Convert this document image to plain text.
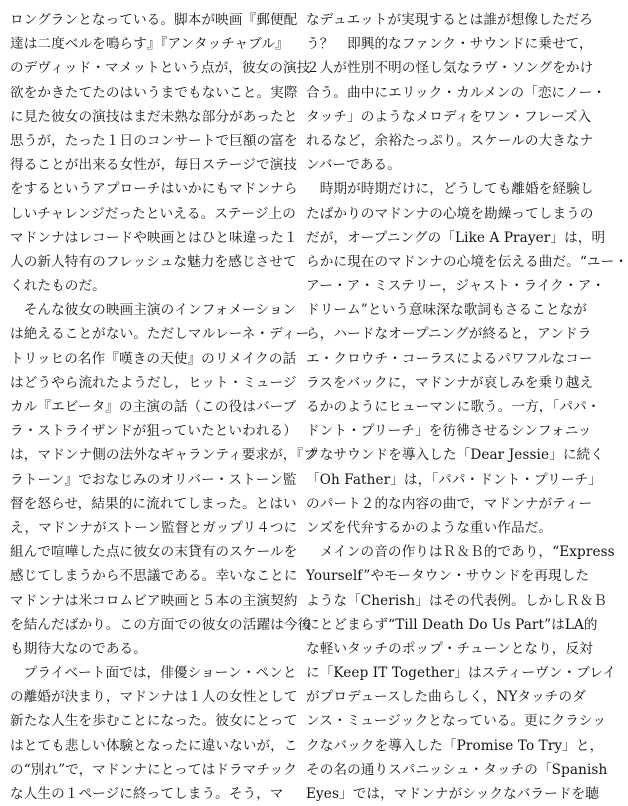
ロングランとなっている。脚本が映画『郵便配
達は二度ベルを鳴らす』『アンタッチャブル』
のデヴィッド・マメットという点が，彼女の演技
欲をかきたてたのはいうまでもないこと。実際
に見た彼女の演技はまだ未熟な部分があったと
思うが，たった１日のコンサートで巨額の富を
得ることが出来る女性が，毎日ステージで演技
をするというアプローチはいかにもマドンナら
しいチャレンジだったといえる。ステージ上の
マドンナはレコードや映画とはひと味違った１
人の新人特有のフレッシュな魅力を感じさせて
くれたものだ。
　そんな彼女の映画主演のインフォメーション
は絶えることがない。ただしマルレーネ・ディー
トリッヒの名作『嘆きの天使』のリメイクの話
はどうやら流れたようだし，ヒット・ミュージ
カル『エビータ』の主演の話（この役はバーブ
ラ・ストライザンドが狙っていたといわれる）
は，マドンナ側の法外なギャランティ要求が，『プ
ラトーン』でおなじみのオリバー・ストーン監
督を怒らせ，結果的に流れてしまった。とはい
え，マドンナがストーン監督とガップリ４つに
組んで喧嘩した点に彼女の末貸有のスケールを
感じてしまうから不思議である。幸いなことに
マドンナは米コロムビア映画と５本の主演契約
を結んだばかり。この方面での彼女の活躍は今後
も期待大なのである。
　プライベート面では，俳優ショーン・ペンと
の離婚が決まり，マドンナは１人の女性として
新たな人生を歩むことになった。彼女にとって
はとても悲しい体験となったに違いないが，こ
の“別れ”で，マドンナにとってはドラマチック
な人生の１ページに終ってしまう。そう，マ
なデュエットが実現するとは誰が想像しただろ
う？　即興的なファンク・サウンドに乗せて，
２人が性別不明の怪し気なラヴ・ソングをかけ
合う。曲中にエリック・カルメンの「恋にノー・
タッチ」のようなメロディをワン・フレーズ入
れるなど，余裕たっぷり。スケールの大きなナ
ンバーである。
　時期が時期だけに，どうしても離婚を経験し
たばかりのマドンナの心境を勘繰ってしまうの
だが，オープニングの「Like A Prayer」は，明
らかに現在のマドンナの心境を伝える曲だ。“ユー・
アー・ア・ミステリー，ジャスト・ライク・ア・
ドリーム”という意味深な歌詞もさることなが
ら，ハードなオープニングが終ると，アンドラ
エ・クロウチ・コーラスによるパワフルなコー
ラスをバックに，マドンナが哀しみを乗り越え
るかのようにヒューマンに歌う。一方，「パパ・
ドント・プリーチ」を彷彿させるシンフォニッ
クなサウンドを導入した「Dear Jessie」に続く
「Oh Father」は，「パパ・ドント・プリーチ」
のパート２的な内容の曲で，マドンナがティー
ンズを代弁するかのような重い作品だ。
　メインの音の作りはＲ＆Ｂ的であり，“Express
Yourself”やモータウン・サウンドを再現した
ような「Cherish」はその代表例。しかしＲ＆Ｂ
にとどまらず“Till Death Do Us Part”はLA的
な軽いタッチのポップ・チューンとなり，反対
に「Keep IT Together」はスティーヴン・ブレイ
がプロデュースした曲らしく，NYタッチのダ
ンス・ミュージックとなっている。更にクラシッ
クなバックを導入した「Promise To Try」と，
その名の通りスパニッシュ・タッチの「Spanish
Eyes」では，マドンナがシックなバラードを聴
